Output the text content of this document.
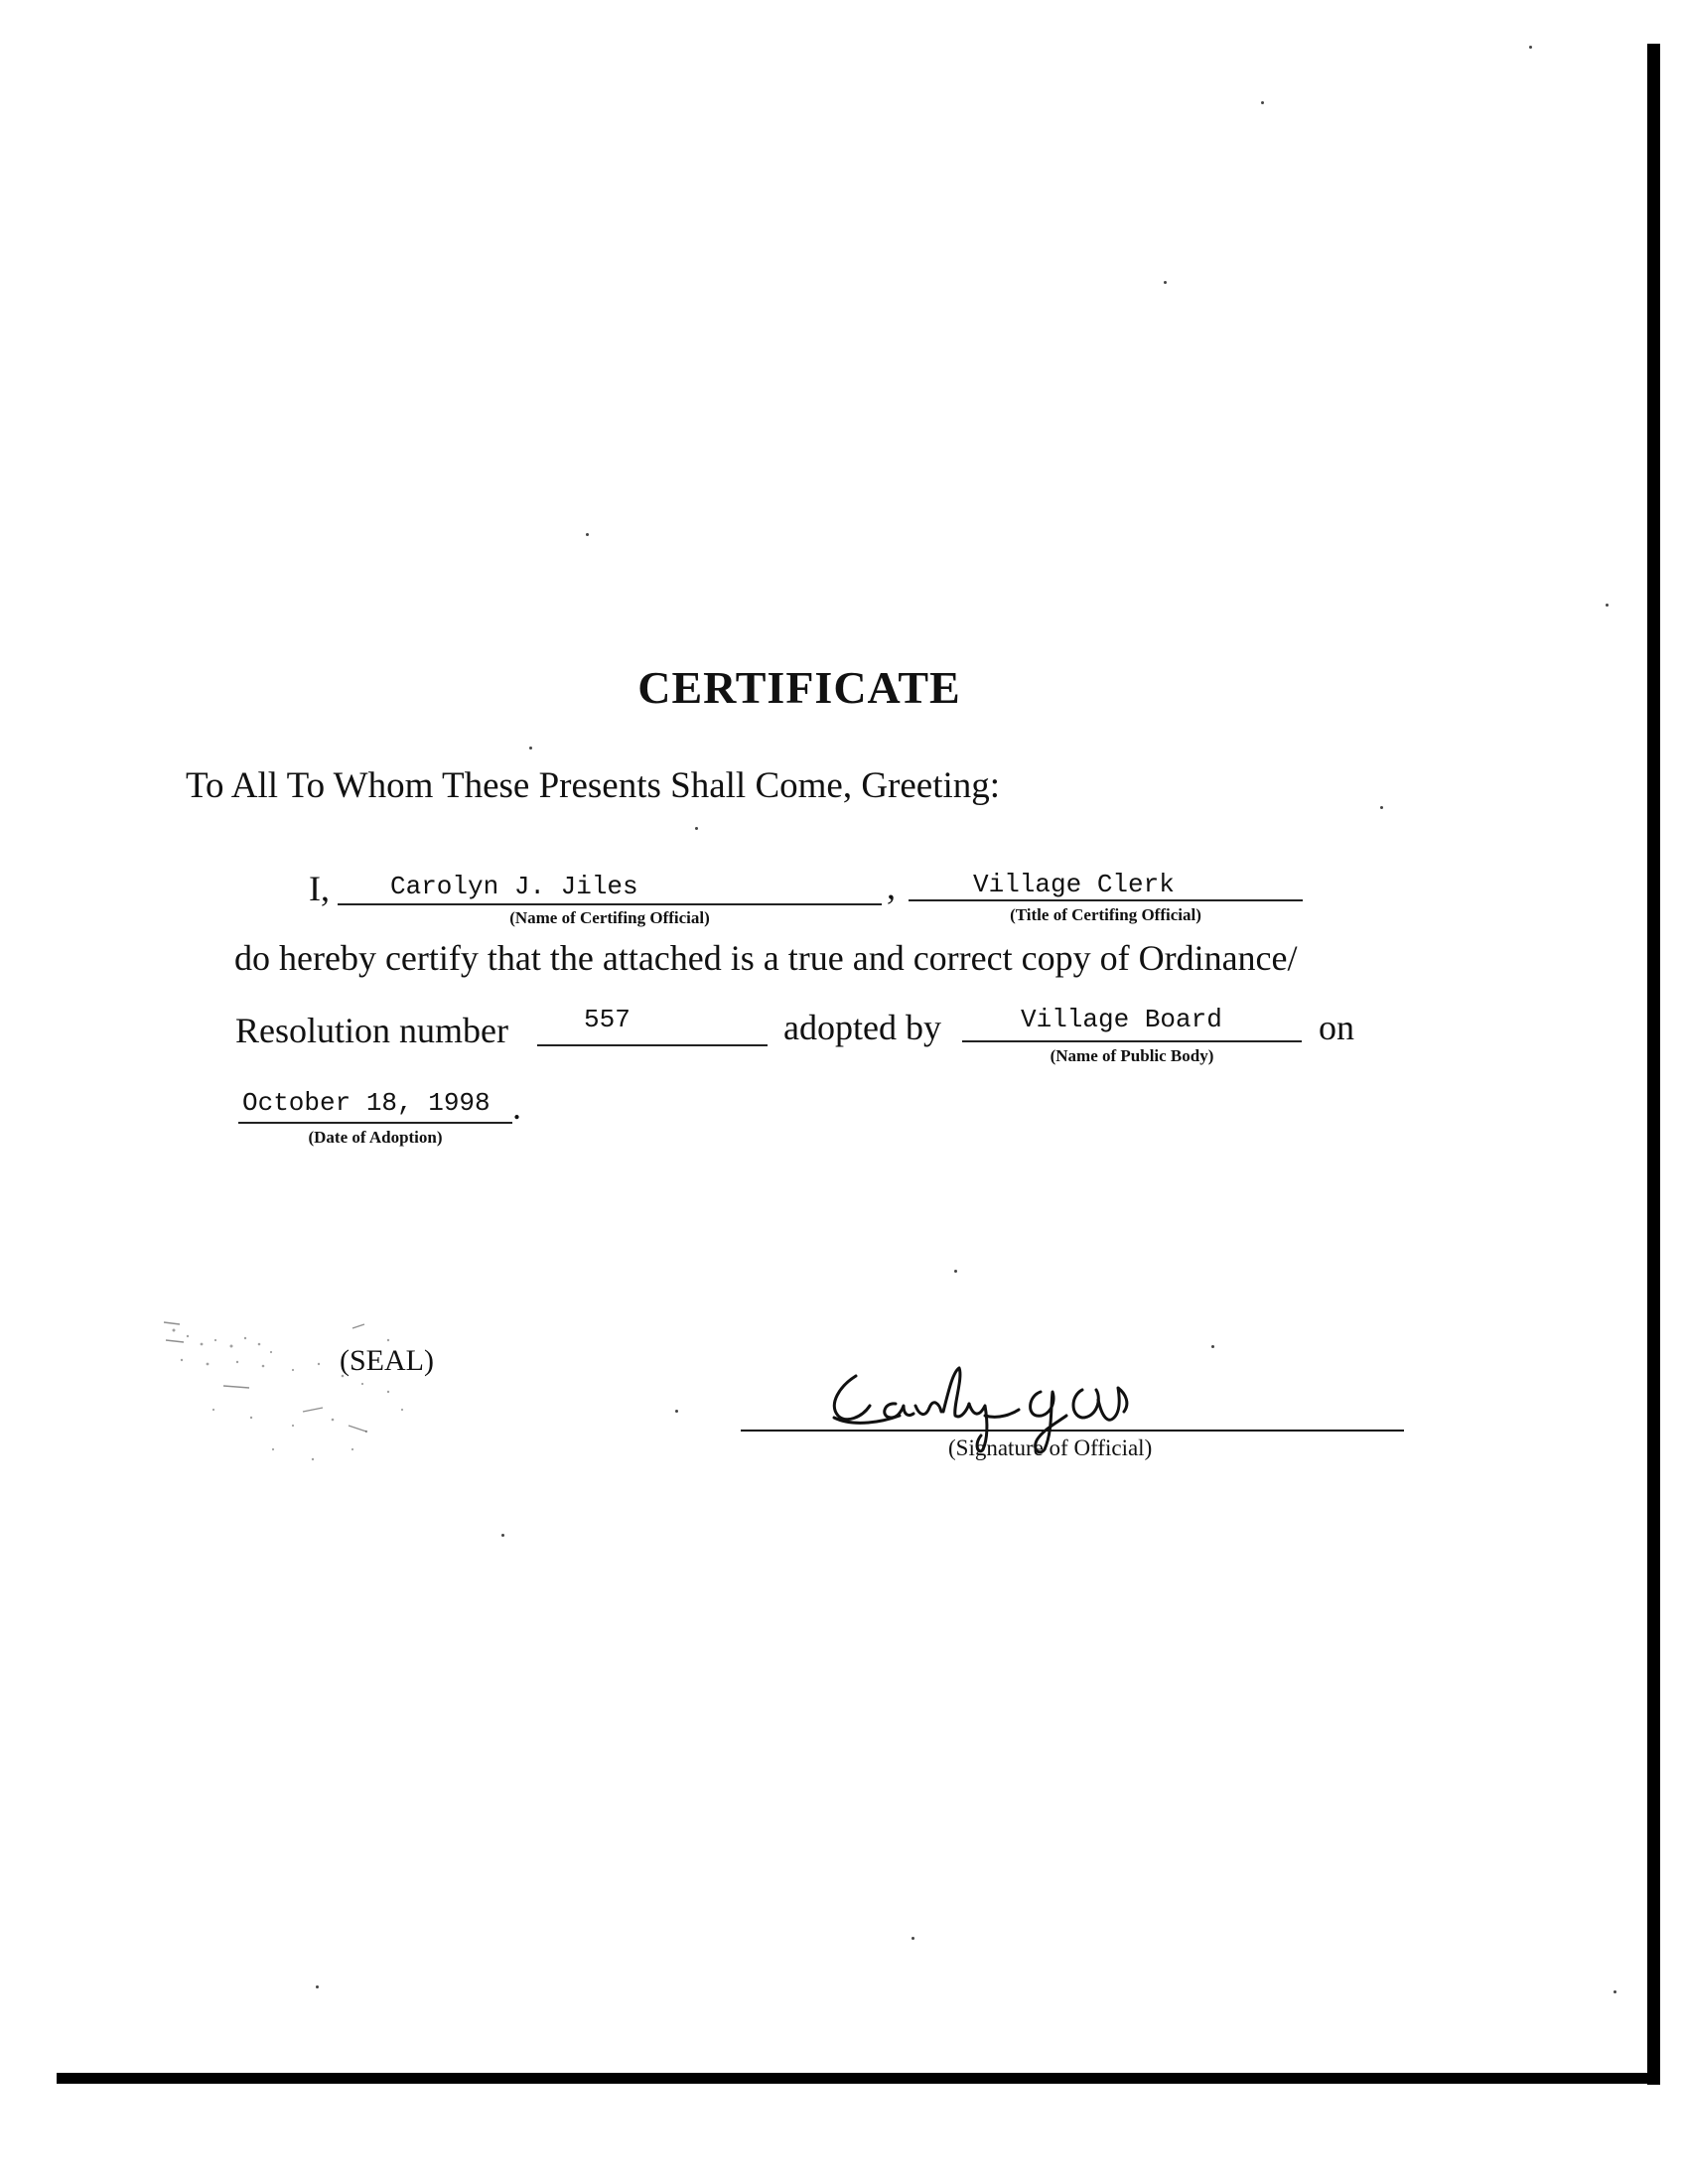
CERTIFICATE
To All To Whom These Presents Shall Come, Greeting:
I, Carolyn J. Jiles
(Name of Certifing Official)
,	Village Clerk
(Title of Certifing Official)
do hereby certify that the attached is a true and correct copy of Ordinance/
Resolution number	557	adopted by	Village Board
(Name of Public Body)
on
October 18, 1998 .
(Date of Adoption)
(SEAL)
(Signature of Official)
